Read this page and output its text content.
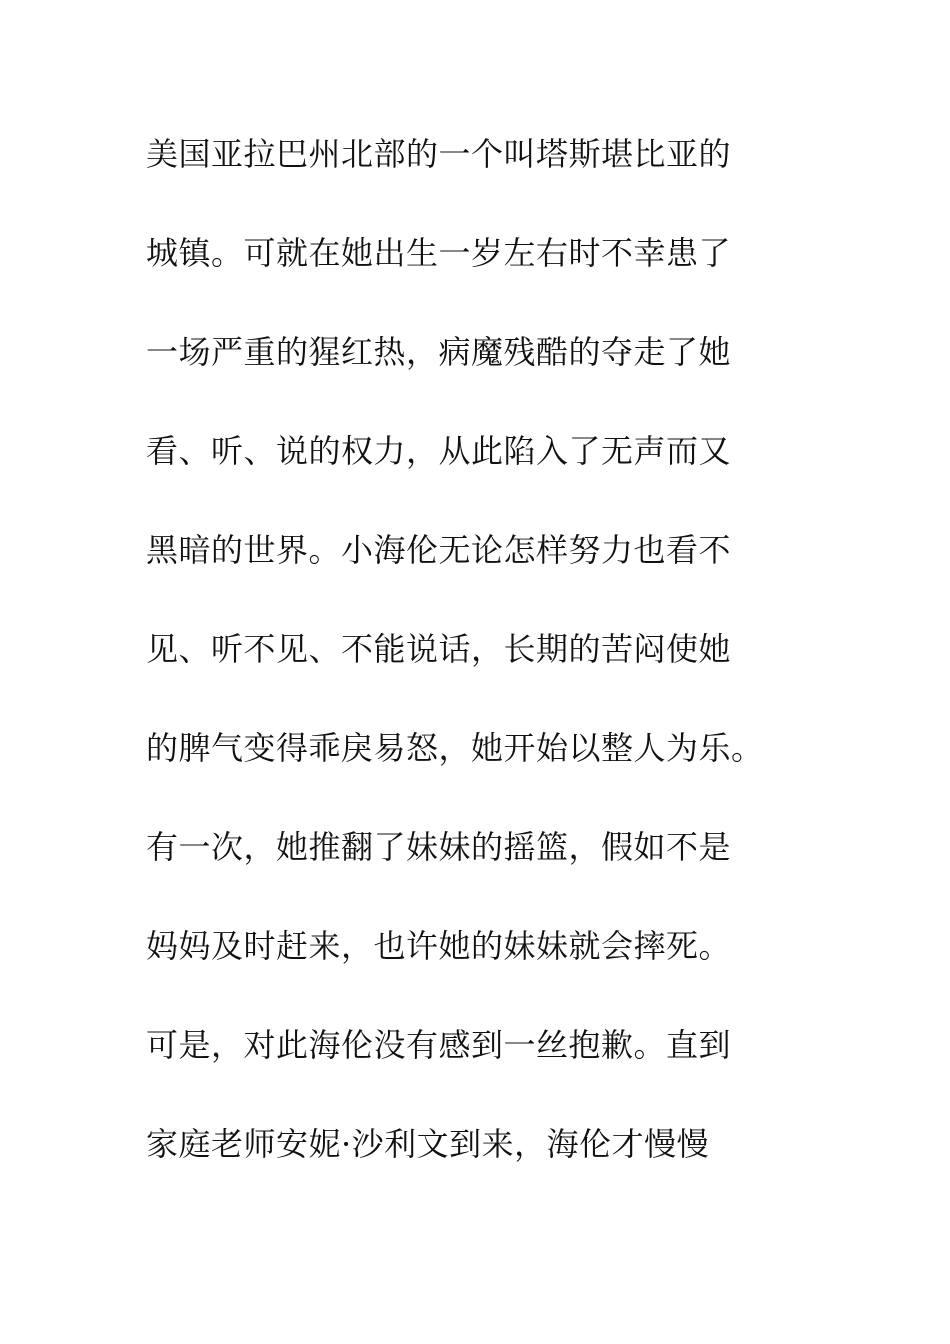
美国亚拉巴州北部的一个叫塔斯堪比亚的
城镇。可就在她出生一岁左右时不幸患了
一场严重的猩红热，病魔残酷的夺走了她
看、听、说的权力，从此陷入了无声而又
黑暗的世界。小海伦无论怎样努力也看不
见、听不见、不能说话，长期的苦闷使她
的脾气变得乖戾易怒，她开始以整人为乐。
有一次，她推翻了妹妹的摇篮，假如不是
妈妈及时赶来，也许她的妹妹就会摔死。
可是，对此海伦没有感到一丝抱歉。直到
家庭老师安妮·沙利文到来，海伦才慢慢
